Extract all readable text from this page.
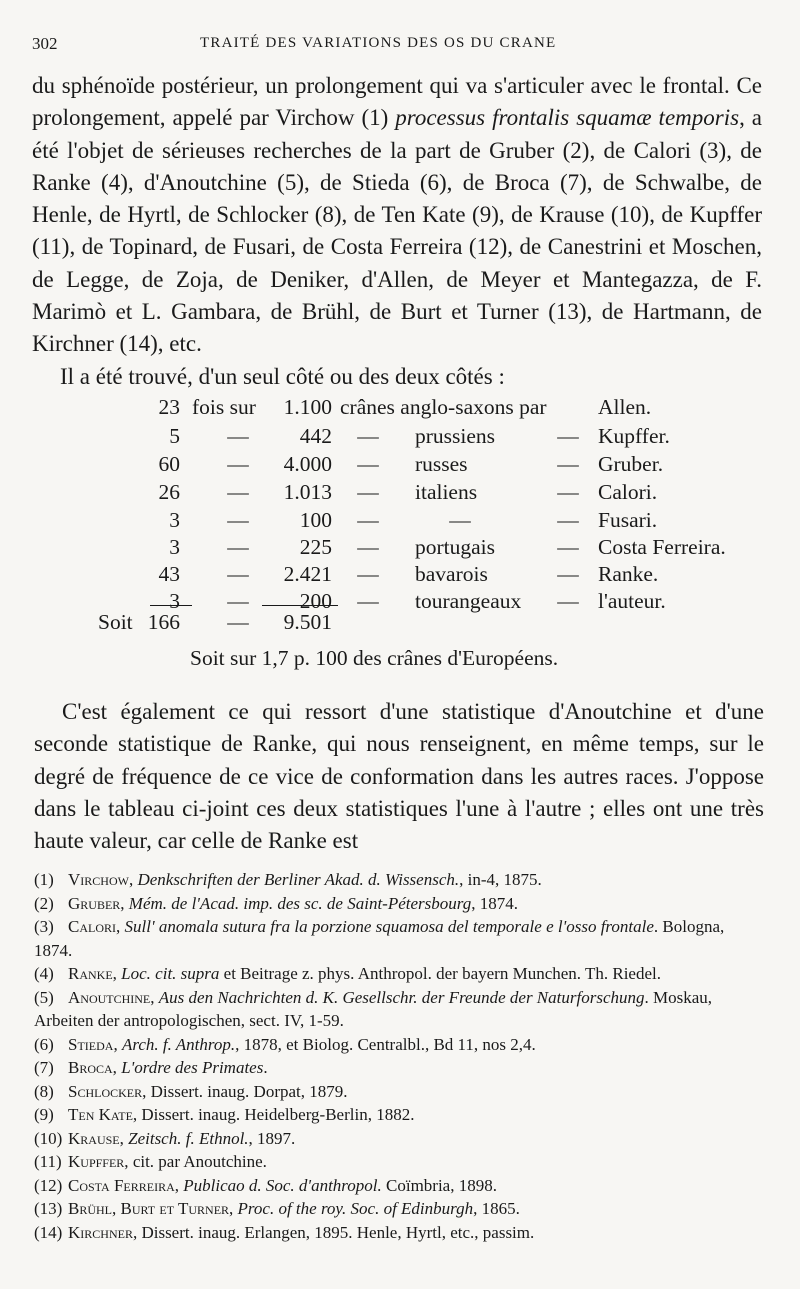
302	TRAITÉ DES VARIATIONS DES OS DU CRANE

du sphénoïde postérieur, un prolongement qui va s'articuler avec le frontal. Ce prolongement, appelé par Virchow (1) processus frontalis squamæ temporis, a été l'objet de sérieuses recherches de la part de Gruber (2), de Calori (3), de Ranke (4), d'Anoutchine (5), de Stieda (6), de Broca (7), de Schwalbe, de Henle, de Hyrtl, de Schlocker (8), de Ten Kate (9), de Krause (10), de Kupffer (11), de Topinard, de Fusari, de Costa Ferreira (12), de Canestrini et Moschen, de Legge, de Zoja, de Deniker, d'Allen, de Meyer et Mantegazza, de F. Marimò et L. Gambara, de Brühl, de Burt et Turner (13), de Hartmann, de Kirchner (14), etc.

Il a été trouvé, d'un seul côté ou des deux côtés :

23 fois sur	1.100 crânes anglo-saxons par Allen.
5	—	442	—	prussiens	— Kupffer.
60	—	4.000	—	russes	— Gruber.
26	—	1.013	—	italiens	— Calori.
3	—	100	—	—	— Fusari.
3	—	225	—	portugais	— Costa Ferreira.
43	—	2.421	—	bavarois	— Ranke.
3	—	200	—	tourangeaux	— l'auteur.
Soit 166	—	9.501
Soit sur 1,7 p. 100 des crânes d'Européens.

C'est également ce qui ressort d'une statistique d'Anoutchine et d'une seconde statistique de Ranke, qui nous renseignent, en même temps, sur le degré de fréquence de ce vice de conformation dans les autres races. J'oppose dans le tableau ci-joint ces deux statistiques l'une à l'autre ; elles ont une très haute valeur, car celle de Ranke est

(1) Virchow, Denkschriften der Berliner Akad. d. Wissensch., in-4, 1875.

(2) Gruber, Mém. de l'Acad. imp. des sc. de Saint-Pétersbourg, 1874.

(3) Calori, Sull' anomala sutura fra la porzione squamosa del temporale e l'osso frontale. Bologna, 1874.

(4) Ranke, Loc. cit. supra et Beitrage z. phys. Anthropol. der bayern Munchen. Th. Riedel.

(5) Anoutchine, Aus den Nachrichten d. K. Gesellschr. der Freunde der Naturforschung. Moskau, Arbeiten der antropologischen, sect. IV, 1-59.

(6) Stieda, Arch. f. Anthrop., 1878, et Biolog. Centralbl., Bd 11, nos 2,4.

(7) Broca, L'ordre des Primates.

(8) Schlocker, Dissert. inaug. Dorpat, 1879.

(9) Ten Kate, Dissert. inaug. Heidelberg-Berlin, 1882.

(10) Krause, Zeitsch. f. Ethnol., 1897.

(11) Kupffer, cit. par Anoutchine.

(12) Costa Ferreira, Publicao d. Soc. d'anthropol. Coïmbria, 1898.

(13) Brühl, Burt et Turner, Proc. of the roy. Soc. of Edinburgh, 1865.

(14) Kirchner, Dissert. inaug. Erlangen, 1895. Henle, Hyrtl, etc., passim.
